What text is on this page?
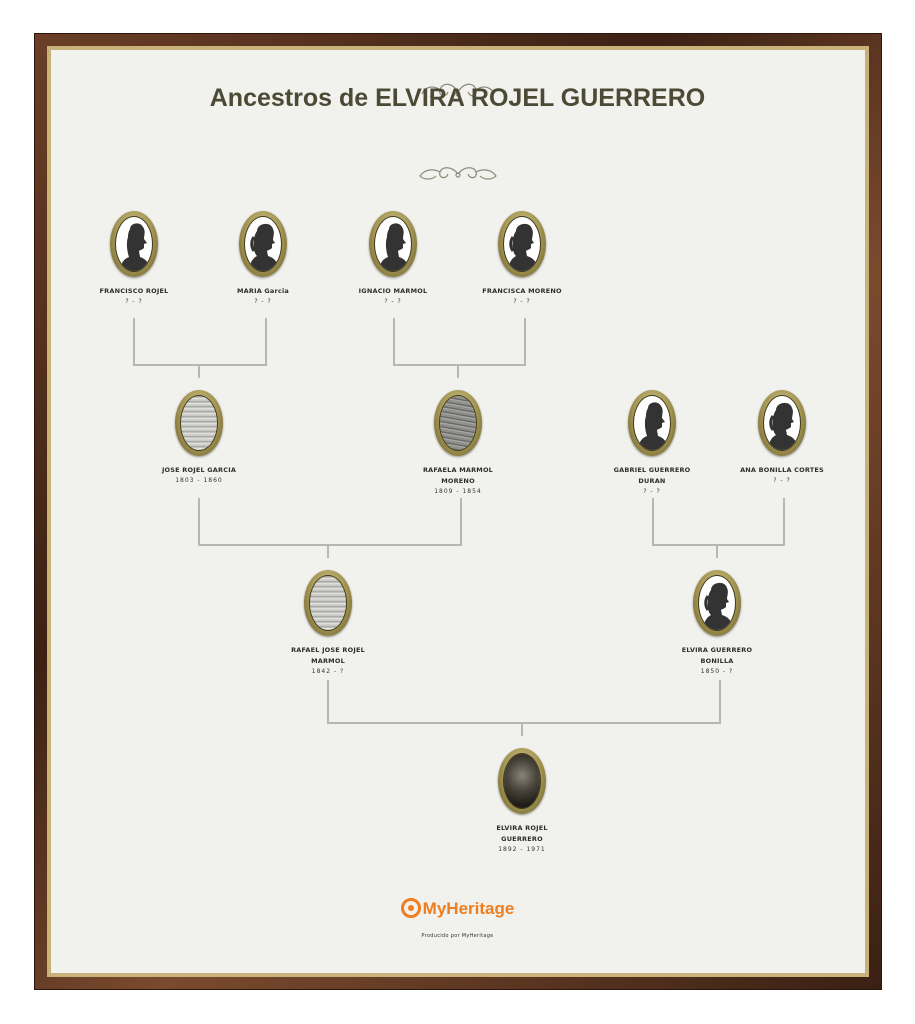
Ancestros de ELVIRA ROJEL GUERRERO
FRANCISCO ROJEL
? - ?
MARIA Garcia
? - ?
IGNACIO MARMOL
? - ?
FRANCISCA MORENO
? - ?
JOSE ROJEL GARCIA
1803 - 1860
RAFAELA MARMOL
MORENO
1809 - 1854
GABRIEL GUERRERO
DURAN
? - ?
ANA BONILLA CORTES
? - ?
RAFAEL JOSE ROJEL
MARMOL
1842 - ?
ELVIRA GUERRERO
BONILLA
1850 - ?
ELVIRA ROJEL
GUERRERO
1892 - 1971
MyHeritage
Producido por MyHeritage
